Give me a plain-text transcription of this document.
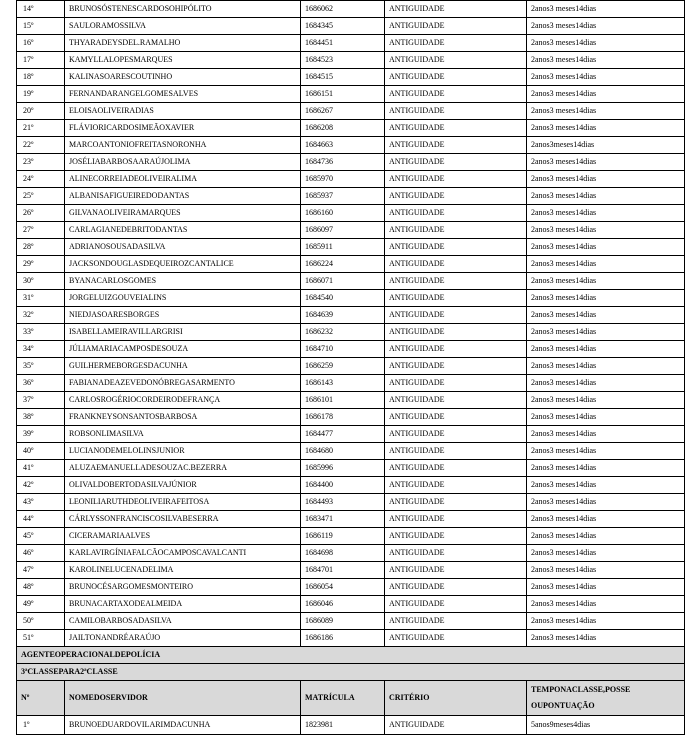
14º	BRUNOSÓSTENESCARDOSOHIPÓLITO	1686062	ANTIGUIDADE	2anos3 meses14dias
15º	SAULORAMOSSILVA	1684345	ANTIGUIDADE	2anos3 meses14dias
16º	THYARADEYSDEL.RAMALHO	1684451	ANTIGUIDADE	2anos3 meses14dias
17º	KAMYLLALOPESMARQUES	1684523	ANTIGUIDADE	2anos3 meses14dias
18º	KALINASOARESCOUTINHO	1684515	ANTIGUIDADE	2anos3 meses14dias
19º	FERNANDARANGELGOMESALVES	1686151	ANTIGUIDADE	2anos3 meses14dias
20º	ELOISAOLIVEIRADIAS	1686267	ANTIGUIDADE	2anos3 meses14dias
21º	FLÁVIORICARDOSIMEÃOXAVIER	1686208	ANTIGUIDADE	2anos3 meses14dias
22º	MARCOANTONIOFREITASNORONHA	1684663	ANTIGUIDADE	2anos3meses14dias
23º	JOSÉLIABARBOSAARAÚJOLIMA	1684736	ANTIGUIDADE	2anos3 meses14dias
24º	ALINECORREIADEOLIVEIRALIMA	1685970	ANTIGUIDADE	2anos3 meses14dias
25º	ALBANISAFIGUEIREDODANTAS	1685937	ANTIGUIDADE	2anos3 meses14dias
26º	GILVANAOLIVEIRAMARQUES	1686160	ANTIGUIDADE	2anos3 meses14dias
27º	CARLAGIANEDEBRITODANTAS	1686097	ANTIGUIDADE	2anos3 meses14dias
28º	ADRIANOSOUSADASILVA	1685911	ANTIGUIDADE	2anos3 meses14dias
29º	JACKSONDOUGLASDEQUEIROZCANTALICE	1686224	ANTIGUIDADE	2anos3 meses14dias
30º	BYANACARLOSGOMES	1686071	ANTIGUIDADE	2anos3 meses14dias
31º	JORGELUIZGOUVEIALINS	1684540	ANTIGUIDADE	2anos3 meses14dias
32º	NIEDJASOARESBORGES	1684639	ANTIGUIDADE	2anos3 meses14dias
33º	ISABELLAMEIRAVILLARGRISI	1686232	ANTIGUIDADE	2anos3 meses14dias
34º	JÚLIAMARIACAMPOSDESOUZA	1684710	ANTIGUIDADE	2anos3 meses14dias
35º	GUILHERMEBORGESDACUNHA	1686259	ANTIGUIDADE	2anos3 meses14dias
36º	FABIANADEAZEVEDONÓBREGASARMENTO	1686143	ANTIGUIDADE	2anos3 meses14dias
37º	CARLOSROGÉRIOCORDEIRODEFRANÇA	1686101	ANTIGUIDADE	2anos3 meses14dias
38º	FRANKNEYSONSANTOSBARBOSA	1686178	ANTIGUIDADE	2anos3 meses14dias
39º	ROBSONLIMASILVA	1684477	ANTIGUIDADE	2anos3 meses14dias
40º	LUCIANODEMELOLINSJUNIOR	1684680	ANTIGUIDADE	2anos3 meses14dias
41º	ALUZAEMANUELLADESOUZAC.BEZERRA	1685996	ANTIGUIDADE	2anos3 meses14dias
42º	OLIVALDOBERTODASILVAJÚNIOR	1684400	ANTIGUIDADE	2anos3 meses14dias
43º	LEONILIARUTHDEOLIVEIRAFEITOSA	1684493	ANTIGUIDADE	2anos3 meses14dias
44º	CÁRLYSSONFRANCISCOSILVABESERRA	1683471	ANTIGUIDADE	2anos3 meses14dias
45º	CICERAMARIAALVES	1686119	ANTIGUIDADE	2anos3 meses14dias
46º	KARLAVIRGÍNIAFALCÃOCAMPOSCAVALCANTI	1684698	ANTIGUIDADE	2anos3 meses14dias
47º	KAROLINELUCENADELIMA	1684701	ANTIGUIDADE	2anos3 meses14dias
48º	BRUNOCÉSARGOMESMONTEIRO	1686054	ANTIGUIDADE	2anos3 meses14dias
49º	BRUNACARTAXODEALMEIDA	1686046	ANTIGUIDADE	2anos3 meses14dias
50º	CAMILOBARBOSADASILVA	1686089	ANTIGUIDADE	2anos3 meses14dias
51º	JAILTONANDRÉARAÚJO	1686186	ANTIGUIDADE	2anos3 meses14dias
AGENTEOPERACIONALDEPOLÍCIA				
3ªCLASSEPARA2ªCLASSE				
Nº	NOMEDOSERVIDOR	MATRÍCULA	CRITÉRIO	TEMPONACLASSE,POSSE
OUPONTUAÇÃO

1º	BRUNOEDUARDOVILARIMDACUNHA	1823981	ANTIGUIDADE	5anos9meses4dias
